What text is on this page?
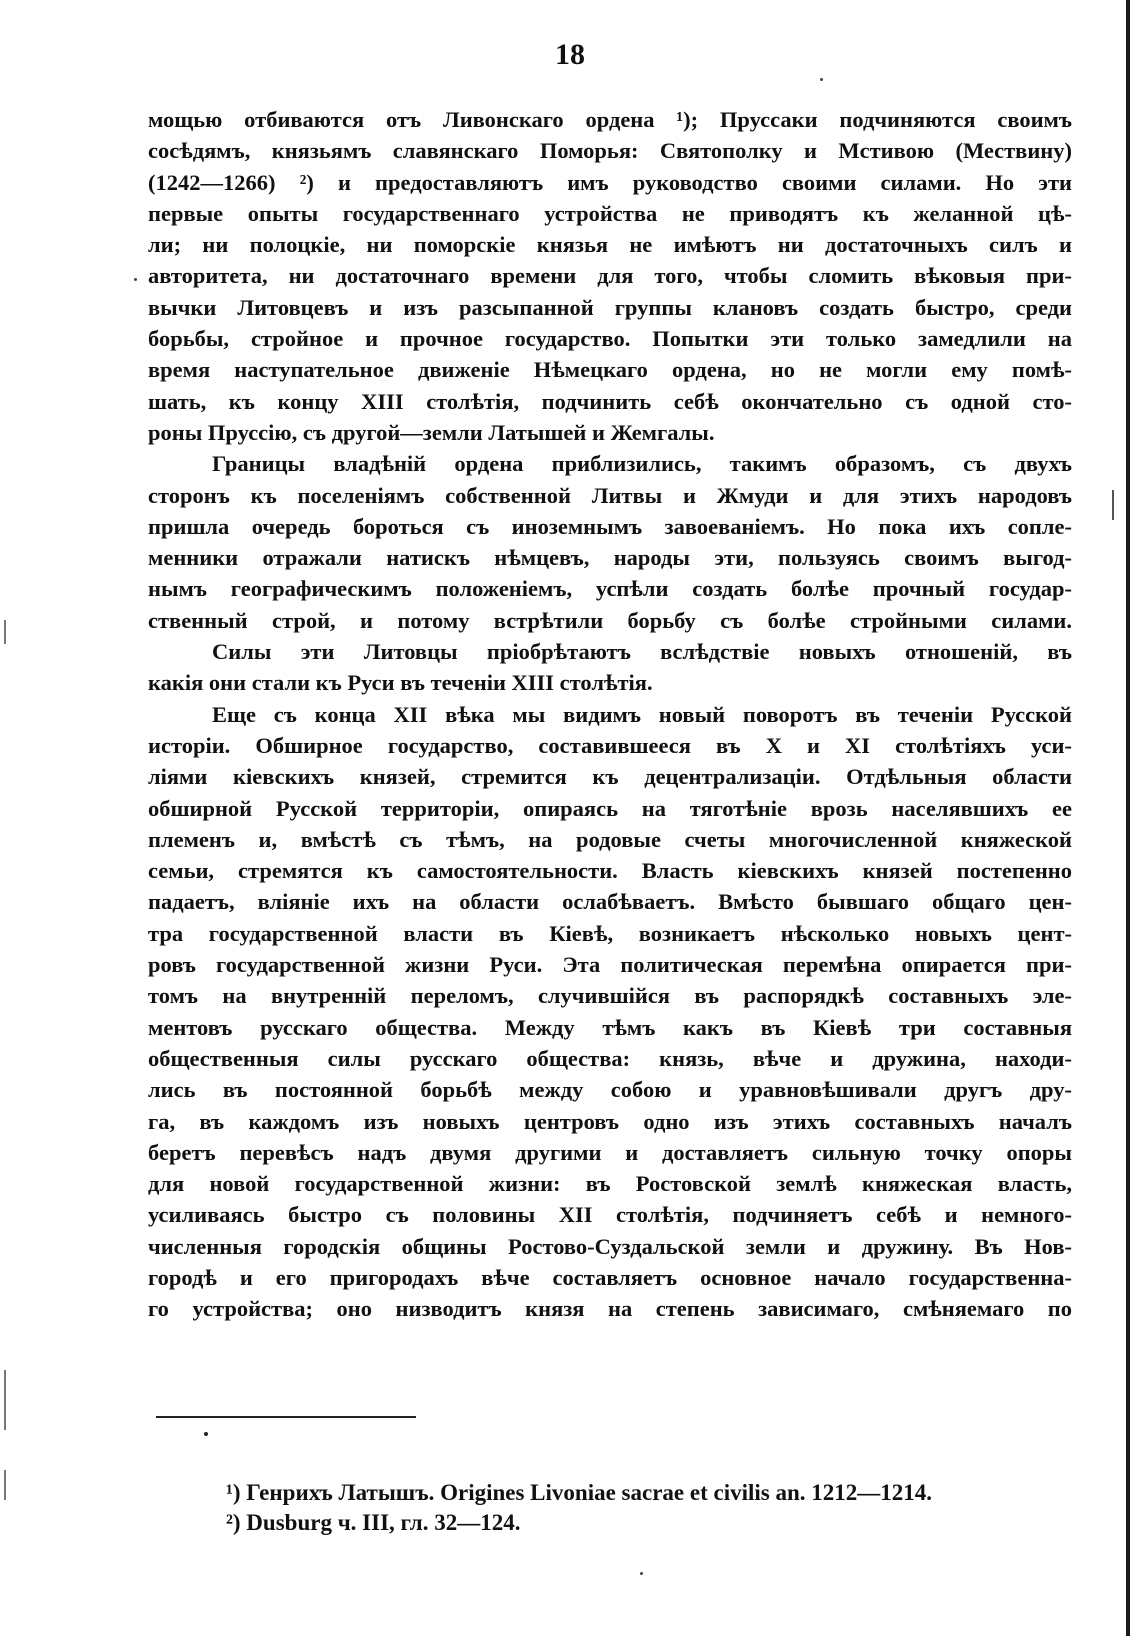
18
мощью отбиваются отъ Ливонскаго ордена ¹); Пруссаки подчиняются своимъ
сосѣдямъ, князьямъ славянскаго Поморья: Святополку и Мстивою (Мествину)
(1242—1266) ²) и предоставляютъ имъ руководство своими силами. Но эти
первые опыты государственнаго устройства не приводятъ къ желанной цѣ-
ли; ни полоцкіе, ни поморскіе князья не имѣютъ ни достаточныхъ силъ и
авторитета, ни достаточнаго времени для того, чтобы сломить вѣковыя при-
вычки Литовцевъ и изъ разсыпанной группы клановъ создать быстро, среди
борьбы, стройное и прочное государство. Попытки эти только замедлили на
время наступательное движеніе Нѣмецкаго ордена, но не могли ему помѣ-
шать, къ концу XIII столѣтія, подчинить себѣ окончательно съ одной сто-
роны Пруссію, съ другой—земли Латышей и Жемгалы.
Границы владѣній ордена приблизились, такимъ образомъ, съ двухъ
сторонъ къ поселеніямъ собственной Литвы и Жмуди и для этихъ народовъ
пришла очередь бороться съ иноземнымъ завоеваніемъ. Но пока ихъ сопле-
менники отражали натискъ нѣмцевъ, народы эти, пользуясь своимъ выгод-
нымъ географическимъ положеніемъ, успѣли создать болѣе прочный государ-
ственный строй, и потому встрѣтили борьбу съ болѣе стройными силами.
Силы эти Литовцы пріобрѣтаютъ вслѣдствіе новыхъ отношеній, въ
какія они стали къ Руси въ теченіи XIII столѣтія.
Еще съ конца XII вѣка мы видимъ новый поворотъ въ теченіи Русской
исторіи. Обширное государство, составившееся въ X и XI столѣтіяхъ уси-
ліями кіевскихъ князей, стремится къ децентрализаціи. Отдѣльныя области
обширной Русской территоріи, опираясь на тяготѣніе врозь населявшихъ ее
племенъ и, вмѣстѣ съ тѣмъ, на родовые счеты многочисленной княжеской
семьи, стремятся къ самостоятельности. Власть кіевскихъ князей постепенно
падаетъ, вліяніе ихъ на области ослабѣваетъ. Вмѣсто бывшаго общаго цен-
тра государственной власти въ Кіевѣ, возникаетъ нѣсколько новыхъ цент-
ровъ государственной жизни Руси. Эта политическая перемѣна опирается при-
томъ на внутренній переломъ, случившійся въ распорядкѣ составныхъ эле-
ментовъ русскаго общества. Между тѣмъ какъ въ Кіевѣ три составныя
общественныя силы русскаго общества: князь, вѣче и дружина, находи-
лись въ постоянной борьбѣ между собою и уравновѣшивали другъ дру-
га, въ каждомъ изъ новыхъ центровъ одно изъ этихъ составныхъ началъ
беретъ перевѣсъ надъ двумя другими и доставляетъ сильную точку опоры
для новой государственной жизни: въ Ростовской землѣ княжеская власть,
усиливаясь быстро съ половины XII столѣтія, подчиняетъ себѣ и немного-
численныя городскія общины Ростово-Суздальской земли и дружину. Въ Нов-
городѣ и его пригородахъ вѣче составляетъ основное начало государственна-
го устройства; оно низводитъ князя на степень зависимаго, смѣняемаго по
¹) Генрихъ Латышъ. Origines Livoniae sacrae et civilis an. 1212—1214.
²) Dusburg ч. III, гл. 32—124.
